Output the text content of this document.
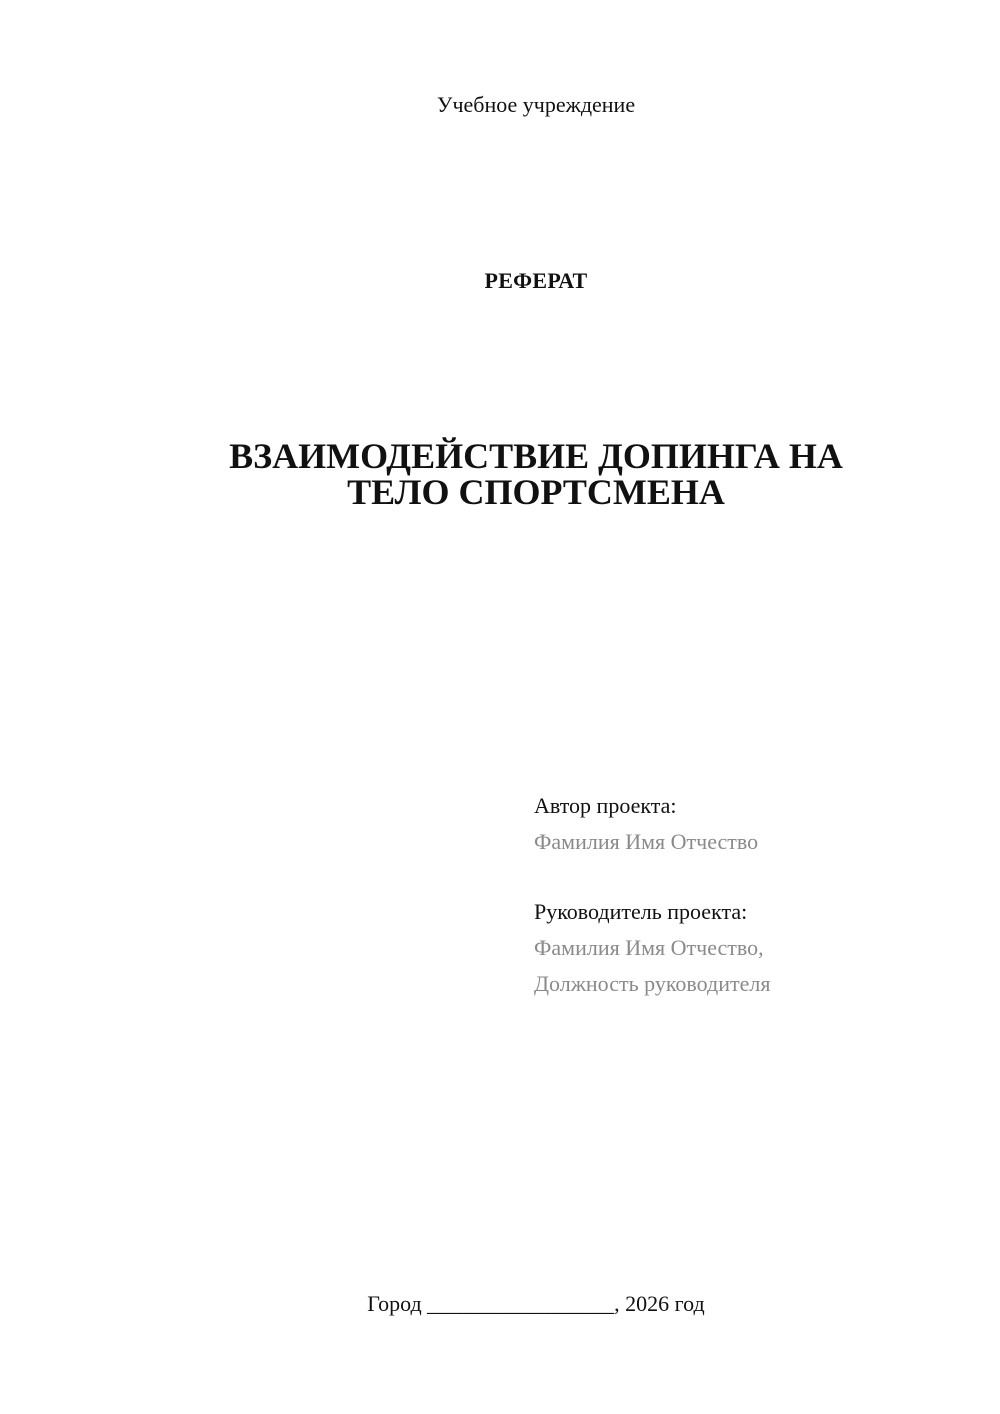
Учебное учреждение
РЕФЕРАТ
ВЗАИМОДЕЙСТВИЕ ДОПИНГА НА
ТЕЛО СПОРТСМЕНА
Автор проекта:
Фамилия Имя Отчество
Руководитель проекта:
Фамилия Имя Отчество,
Должность руководителя
Город _________________, 2026 год
